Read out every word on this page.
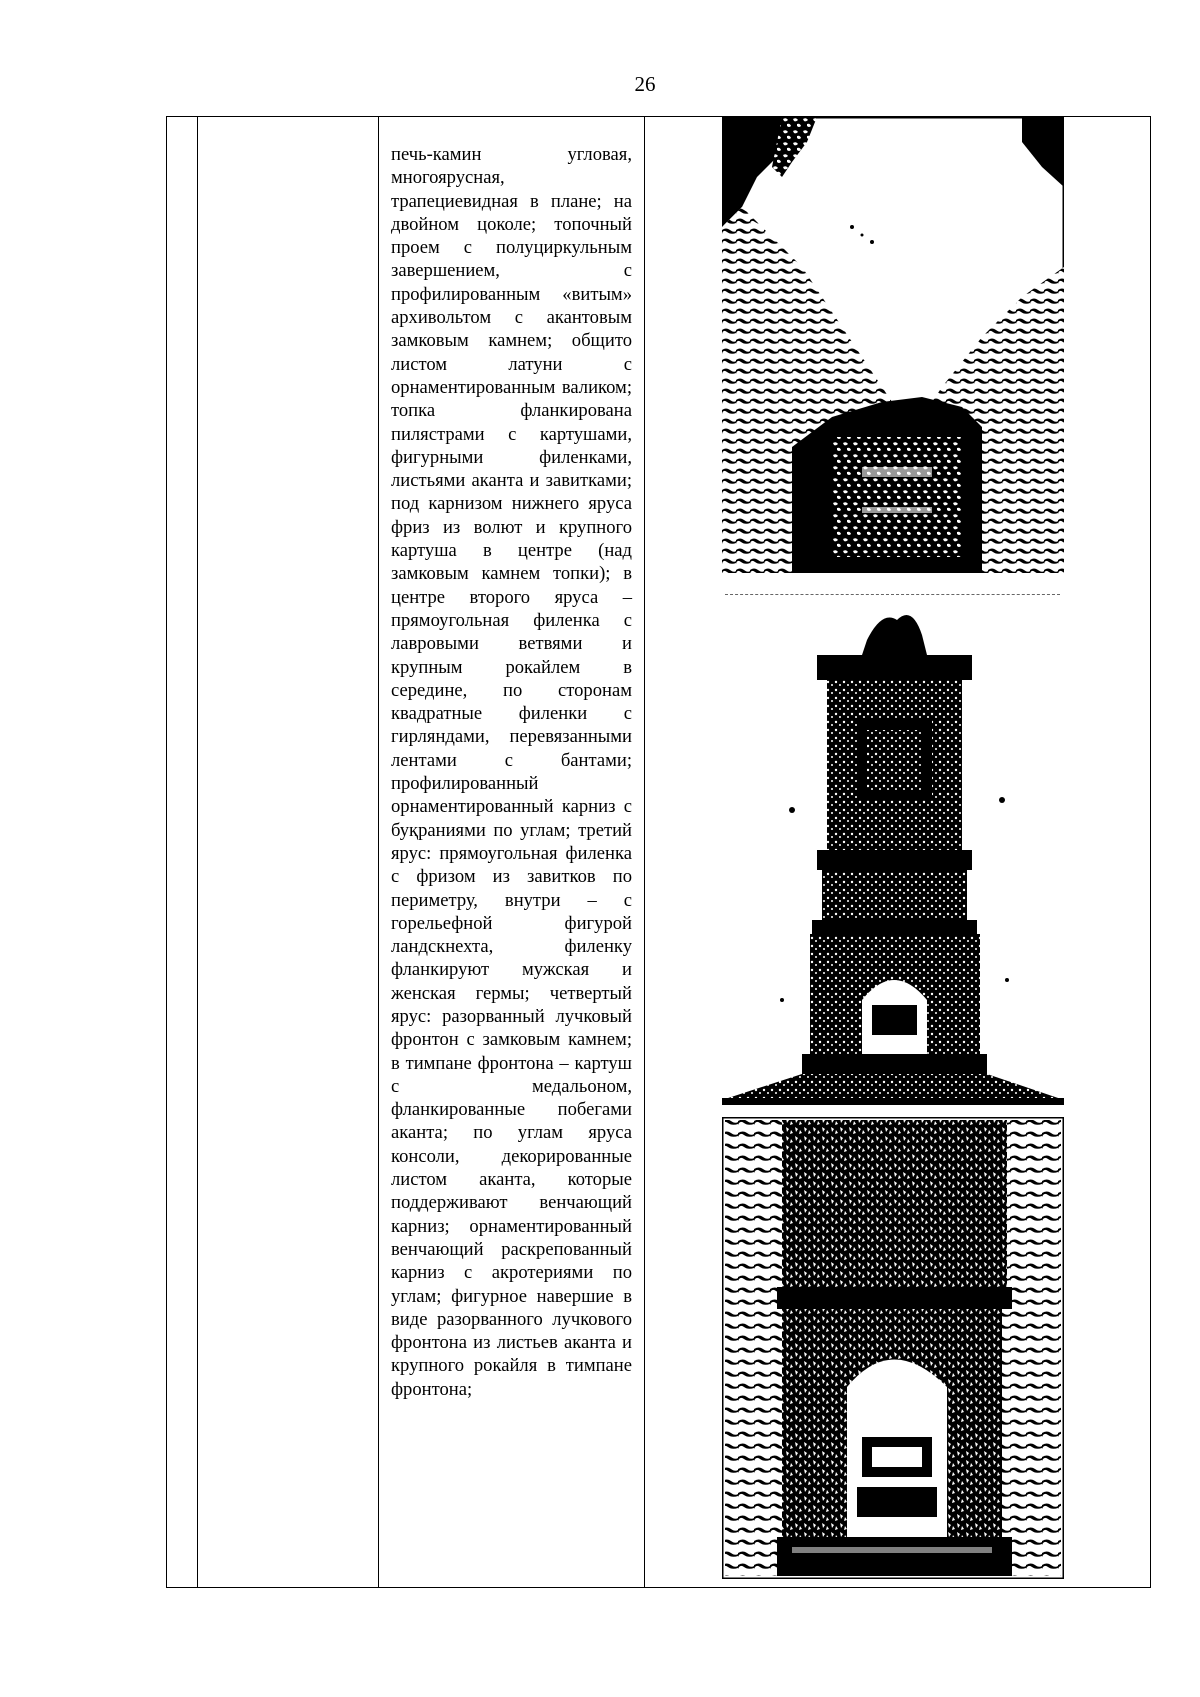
26

печь-камин угловая, многоярусная, трапециевидная в плане; на двойном цоколе; топочный проем с полуциркульным завершением, с профилированным «витым» архивольтом с акантовым замковым камнем; общито листом латуни с орнаментированным валиком; топка фланкирована пилястрами с картушами, фигурными филенками, листьями аканта и завитками; под карнизом нижнего яруса фриз из волют и крупного картуша в центре (над замковым камнем топки); в центре второго яруса – прямоугольная филенка с лавровыми ветвями и крупным рокайлем в середине, по сторонам квадратные филенки с гирляндами, перевязанными лентами с бантами; профилированный орнаментированный карниз с буқраниями по углам; третий ярус: прямоугольная филенка с фризом из завитков по периметру, внутри – с горельефной фигурой ландскнехта, филенку фланкируют мужская и женская гермы; четвертый ярус: разорванный лучковый фронтон с замковым камнем; в тимпане фронтона – картуш с медальоном, фланкированные побегами аканта; по углам яруса консоли, декорированные листом аканта, которые поддерживают венчающий карниз; орнаментированный венчающий раскрепованный карниз с акротериями по углам; фигурное навершие в виде разорванного лучкового фронтона из листьев аканта и крупного рокайля в тимпане фронтона;
